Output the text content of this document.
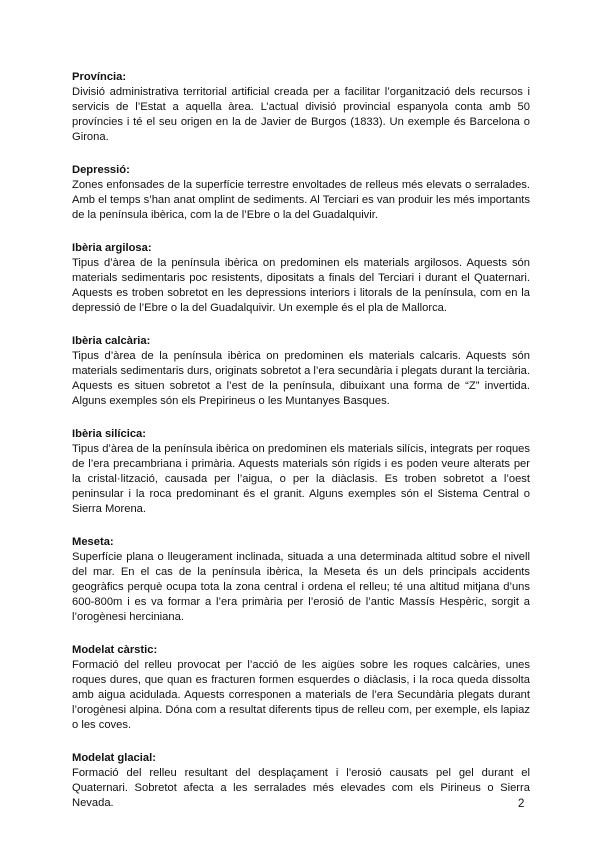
Província:

Divisió administrativa territorial artificial creada per a facilitar l’organització dels recursos i servicis de l’Estat a aquella àrea. L’actual divisió provincial espanyola conta amb 50 províncies i té el seu origen en la de Javier de Burgos (1833). Un exemple és Barcelona o Girona.

Depressió:

Zones enfonsades de la superfície terrestre envoltades de relleus més elevats o serralades. Amb el temps s’han anat omplint de sediments. Al Terciari es van produir les més importants de la península ibèrica, com la de l’Ebre o la del Guadalquivir.

Ibèria argilosa:

Tipus d’àrea de la península ibèrica on predominen els materials argilosos. Aquests són materials sedimentaris poc resistents, dipositats a finals del Terciari i durant el Quaternari. Aquests es troben sobretot en les depressions interiors i litorals de la península, com en la depressió de l’Ebre o la del Guadalquivir. Un exemple és el pla de Mallorca.

Ibèria calcària:

Tipus d’àrea de la península ibèrica on predominen els materials calcaris. Aquests són materials sedimentaris durs, originats sobretot a l’era secundària i plegats durant la terciària. Aquests es situen sobretot a l’est de la península, dibuixant una forma de “Z” invertida. Alguns exemples són els Prepirineus o les Muntanyes Basques.

Ibèria silícica:

Tipus d’àrea de la península ibèrica on predominen els materials silícis, integrats per roques de l’era precambriana i primària. Aquests materials són rígids i es poden veure alterats per la cristal·lització, causada per l’aigua, o per la diàclasis. Es troben sobretot a l’oest peninsular i la roca predominant és el granit. Alguns exemples són el Sistema Central o Sierra Morena.

Meseta:

Superfície plana o lleugerament inclinada, situada a una determinada altitud sobre el nivell del mar. En el cas de la península ibèrica, la Meseta és un dels principals accidents geogràfics perquè ocupa tota la zona central i ordena el relleu; té una altitud mitjana d’uns 600-800m i es va formar a l’era primària per l’erosió de l’antic Massís Hespèric, sorgit a l’orogènesi herciniana.

Modelat càrstic:

Formació del relleu provocat per l’acció de les aigües sobre les roques calcàries, unes roques dures, que quan es fracturen formen esquerdes o diàclasis, i la roca queda dissolta amb aigua acidulada. Aquests corresponen a materials de l’era Secundària plegats durant l’orogènesi alpina. Dóna com a resultat diferents tipus de relleu com, per exemple, els lapiaz o les coves.

Modelat glacial:

Formació del relleu resultant del desplaçament i l’erosió causats pel gel durant el Quaternari. Sobretot afecta a les serralades més elevades com els Pirineus o Sierra Nevada.	2
